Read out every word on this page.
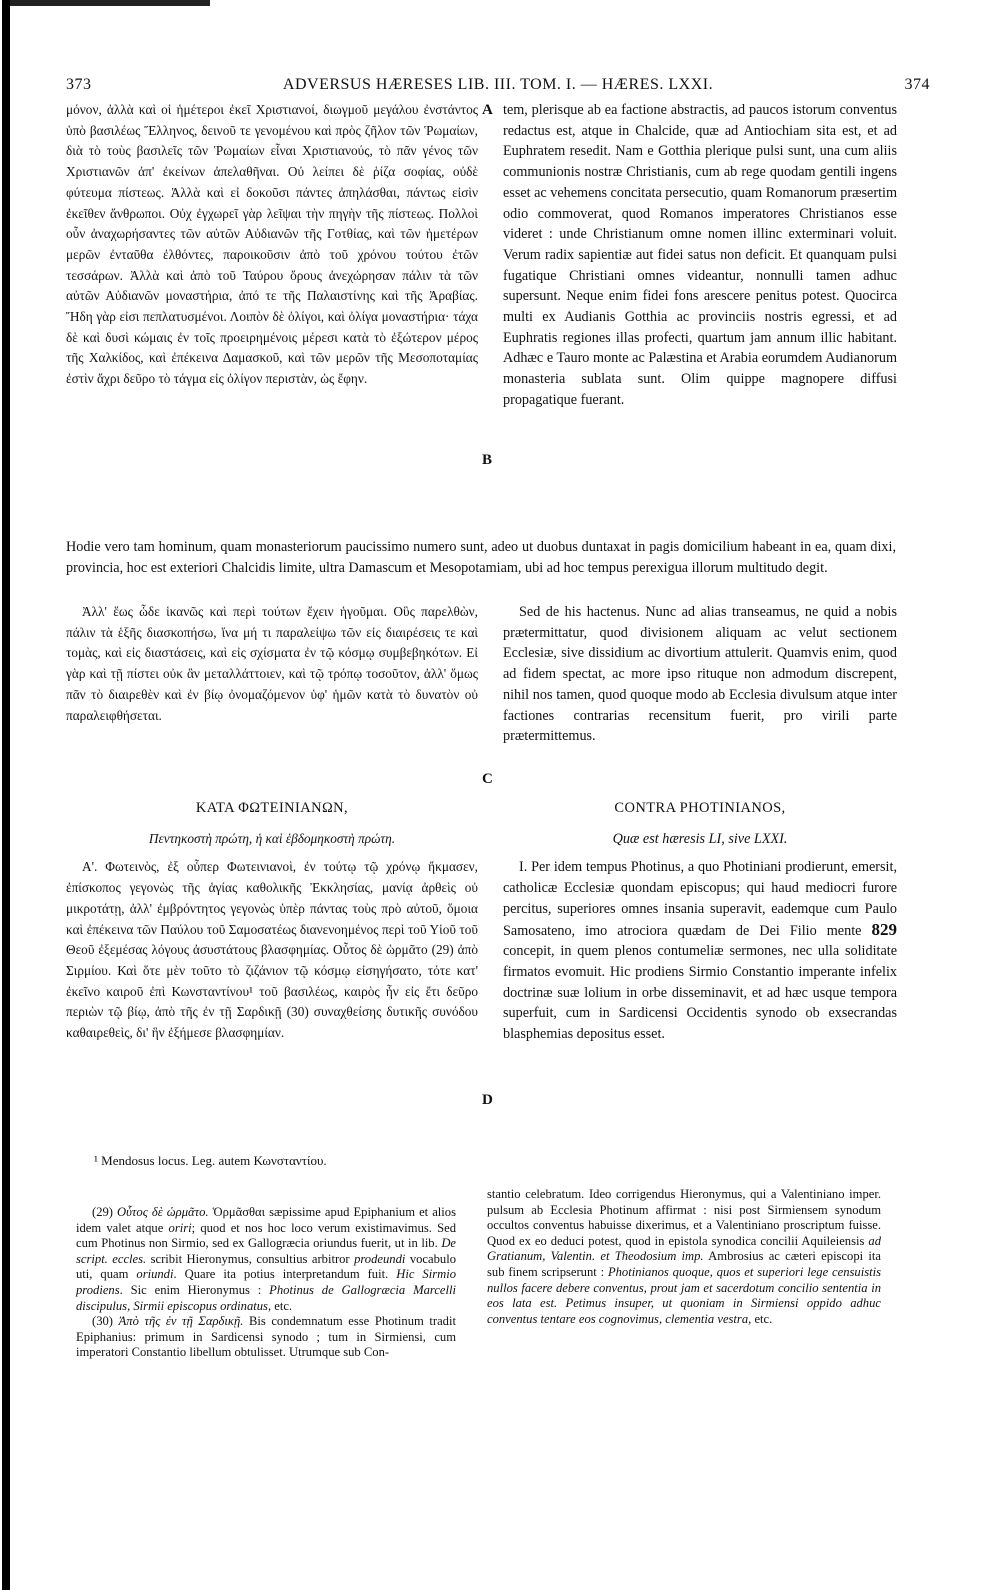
373	ADVERSUS HÆRESES LIB. III. TOM. I. — HÆRES. LXXI.	374

μόνον, ἀλλὰ καὶ οἱ ἡμέτεροι ἐκεῖ Χριστιανοί, διωγμοῦ μεγάλου ἐνστάντος ὑπὸ βασιλέως Ἕλληνος, δεινοῦ τε γενομένου καὶ πρὸς ζῆλον τῶν Ῥωμαίων, διὰ τὸ τοὺς βασιλεῖς τῶν Ῥωμαίων εἶναι Χριστιανούς, τὸ πᾶν γένος τῶν Χριστιανῶν ἀπ' ἐκείνων ἀπελαθῆναι. Οὐ λείπει δὲ ῥίζα σοφίας, οὐδὲ φύτευμα πίστεως. Ἀλλὰ καὶ εἰ δοκοῦσι πάντες ἀπηλάσθαι, πάντως εἰσὶν ἐκεῖθεν ἄνθρωποι. Οὐχ ἐγχωρεῖ γὰρ λεῖψαι τὴν πηγὴν τῆς πίστεως. Πολλοὶ οὖν ἀναχωρήσαντες τῶν αὐτῶν Αὐδιανῶν τῆς Γοτθίας, καὶ τῶν ἡμετέρων μερῶν ἐνταῦθα ἐλθόντες, παροικοῦσιν ἀπὸ τοῦ χρόνου τούτου ἐτῶν τεσσάρων. Ἀλλὰ καὶ ἀπὸ τοῦ Ταύρου ὄρους ἀνεχώρησαν πάλιν τὰ τῶν αὐτῶν Αὐδιανῶν μοναστήρια, ἀπό τε τῆς Παλαιστίνης καὶ τῆς Ἀραβίας. Ἤδη γὰρ εἰσι πεπλατυσμένοι. Λοιπὸν δὲ ὀλίγοι, καὶ ὀλίγα μοναστήρια· τάχα δὲ καὶ δυσὶ κώμαις ἐν τοῖς προειρημένοις μέρεσι κατὰ τὸ ἐξώτερον μέρος τῆς Χαλκίδος, καὶ ἐπέκεινα Δαμασκοῦ, καὶ τῶν μερῶν τῆς Μεσοποταμίας ἐστὶν ἄχρι δεῦρο τὸ τάγμα εἰς ὀλίγον περιστὰν, ὡς ἔφην.

A tem, plerisque ab ea factione abstractis, ad paucos istorum conventus redactus est, atque in Chalcide, quæ ad Antiochiam sita est, et ad Euphratem resedit. Nam e Gotthia plerique pulsi sunt, una cum aliis communionis nostræ Christianis, cum ab rege quodam gentili ingens esset ac vehemens concitata persecutio, quam Romanorum præsertim odio commoverat, quod Romanos imperatores Christianos esse videret : unde Christianum omne nomen illinc exterminari voluit. Verum radix sapientiæ aut fidei satus non deficit. Et quanquam pulsi fugatique Christiani omnes videantur, nonnulli tamen adhuc supersunt. Neque enim fidei fons arescere penitus potest. Quocirca multi ex Audianis Gotthia ac provinciis nostris egressi, et ad Euphratis regiones illas profecti, quartum jam annum illic habitant. Adhæc e Tauro monte ac Palæstina et Arabia eorumdem Audianorum monasteria sublata sunt. Olim quippe magnopere diffusi propagatique fuerant.

B

Hodie vero tam hominum, quam monasteriorum paucissimo numero sunt, adeo ut duobus duntaxat in pagis domicilium habeant in ea, quam dixi, provincia, hoc est exteriori Chalcidis limite, ultra Damascum et Mesopotamiam, ubi ad hoc tempus perexigua illorum multitudo degit.

Ἀλλ' ἕως ὧδε ἱκανῶς καὶ περὶ τούτων ἔχειν ἡγοῦμαι. Οὓς παρελθὼν, πάλιν τὰ ἑξῆς διασκοπήσω, ἵνα μή τι παραλείψω τῶν εἰς διαιρέσεις τε καὶ τομὰς, καὶ εἰς διαστάσεις, καὶ εἰς σχίσματα ἐν τῷ κόσμῳ συμβεβηκότων. Εἰ γὰρ καὶ τῇ πίστει οὐκ ἂν μεταλλάττοιεν, καὶ τῷ τρόπῳ τοσοῦτον, ἀλλ' ὅμως πᾶν τὸ διαιρεθὲν καὶ ἐν βίῳ ὀνομαζόμενον ὑφ' ἡμῶν κατὰ τὸ δυνατὸν οὐ παραλειφθήσεται.

Sed de his hactenus. Nunc ad alias transeamus, ne quid a nobis prætermittatur, quod divisionem aliquam ac velut sectionem Ecclesiæ, sive dissidium ac divortium attulerit. Quamvis enim, quod ad fidem spectat, ac more ipso rituque non admodum discrepent, nihil nos tamen, quod quoque modo ab Ecclesia divulsum atque inter factiones contrarias recensitum fuerit, pro virili parte prætermittemus.

C

ΚΑΤΑ ΦΩΤΕΙΝΙΑΝΩΝ,

Πεντηκοστὴ πρώτη, ἡ καὶ ἑβδομηκοστὴ πρώτη.

Α'. Φωτεινὸς, ἐξ οὗπερ Φωτεινιανοὶ, ἐν τούτῳ τῷ χρόνῳ ἤκμασεν, ἐπίσκοπος γεγονὼς τῆς ἁγίας καθολικῆς Ἐκκλησίας, μανίᾳ ἀρθεὶς οὐ μικροτάτῃ, ἀλλ' ἐμβρόντητος γεγονὼς ὑπὲρ πάντας τοὺς πρὸ αὐτοῦ, ὅμοια καὶ ἐπέκεινα τῶν Παύλου τοῦ Σαμοσατέως διανενοημένος περὶ τοῦ Υἱοῦ τοῦ Θεοῦ ἐξεμέσας λόγους ἀσυστάτους βλασφημίας. Οὗτος δὲ ὡρμᾶτο (29) ἀπὸ Σιρμίου. Καὶ ὅτε μὲν τοῦτο τὸ ζιζάνιον τῷ κόσμῳ εἰσηγήσατο, τότε κατ' ἐκεῖνο καιροῦ ἐπὶ Κωνσταντίνου¹ τοῦ βασιλέως, καιρὸς ἦν εἰς ἔτι δεῦρο περιὼν τῷ βίῳ, ἀπὸ τῆς ἐν τῇ Σαρδικῇ (30) συναχθείσης δυτικῆς συνόδου καθαιρεθεὶς, δι' ἣν ἐξήμεσε βλασφημίαν.

CONTRA PHOTINIANOS,

Quæ est hæresis LI, sive LXXI.

I. Per idem tempus Photinus, a quo Photiniani prodierunt, emersit, catholicæ Ecclesiæ quondam episcopus; qui haud mediocri furore percitus, superiores omnes insania superavit, eademque cum Paulo Samosateno, imo atrociora quædam de Dei Filio mente 829 concepit, in quem plenos contumeliæ sermones, nec ulla soliditate firmatos evomuit. Hic prodiens Sirmio Constantio imperante infelix doctrinæ suæ lolium in orbe disseminavit, et ad hæc usque tempora superfuit, cum in Sardicensi Occidentis synodo ob exsecrandas blasphemias depositus esset.

D
¹ Mendosus locus. Leg. autem Κωνσταντίου.

(29) Οὗτος δὲ ὡρμᾶτο. Ὁρμᾶσθαι sæpissime apud Epiphanium et alios idem valet atque oriri; quod et nos hoc loco verum existimavimus. Sed cum Photinus non Sirmio, sed ex Gallogræcia oriundus fuerit, ut in lib. De script. eccles. scribit Hieronymus, consultius arbitror prodeundi vocabulo uti, quam oriundi. Quare ita potius interpretandum fuit. Hic Sirmio prodiens. Sic enim Hieronymus : Photinus de Gallogræcia Marcelli discipulus, Sirmii episcopus ordinatus, etc.

(30) Ἀπὸ τῆς ἐν τῇ Σαρδικῇ. Bis condemnatum esse Photinum tradit Epiphanius: primum in Sardicensi synodo ; tum in Sirmiensi, cum imperatori Constantio libellum obtulisset. Utrumque sub Con-

stantio celebratum. Ideo corrigendus Hieronymus, qui a Valentiniano imper. pulsum ab Ecclesia Photinum affirmat : nisi post Sirmiensem synodum occultos conventus habuisse dixerimus, et a Valentiniano proscriptum fuisse. Quod ex eo deduci potest, quod in epistola synodica concilii Aquileiensis ad Gratianum, Valentin. et Theodosium imp. Ambrosius ac cæteri episcopi ita sub finem scripserunt : Photinianos quoque, quos et superiori lege censuistis nullos facere debere conventus, prout jam et sacerdotum concilio sententia in eos lata est. Petimus insuper, ut quoniam in Sirmiensi oppido adhuc conventus tentare eos cognovimus, clementia vestra, etc.
